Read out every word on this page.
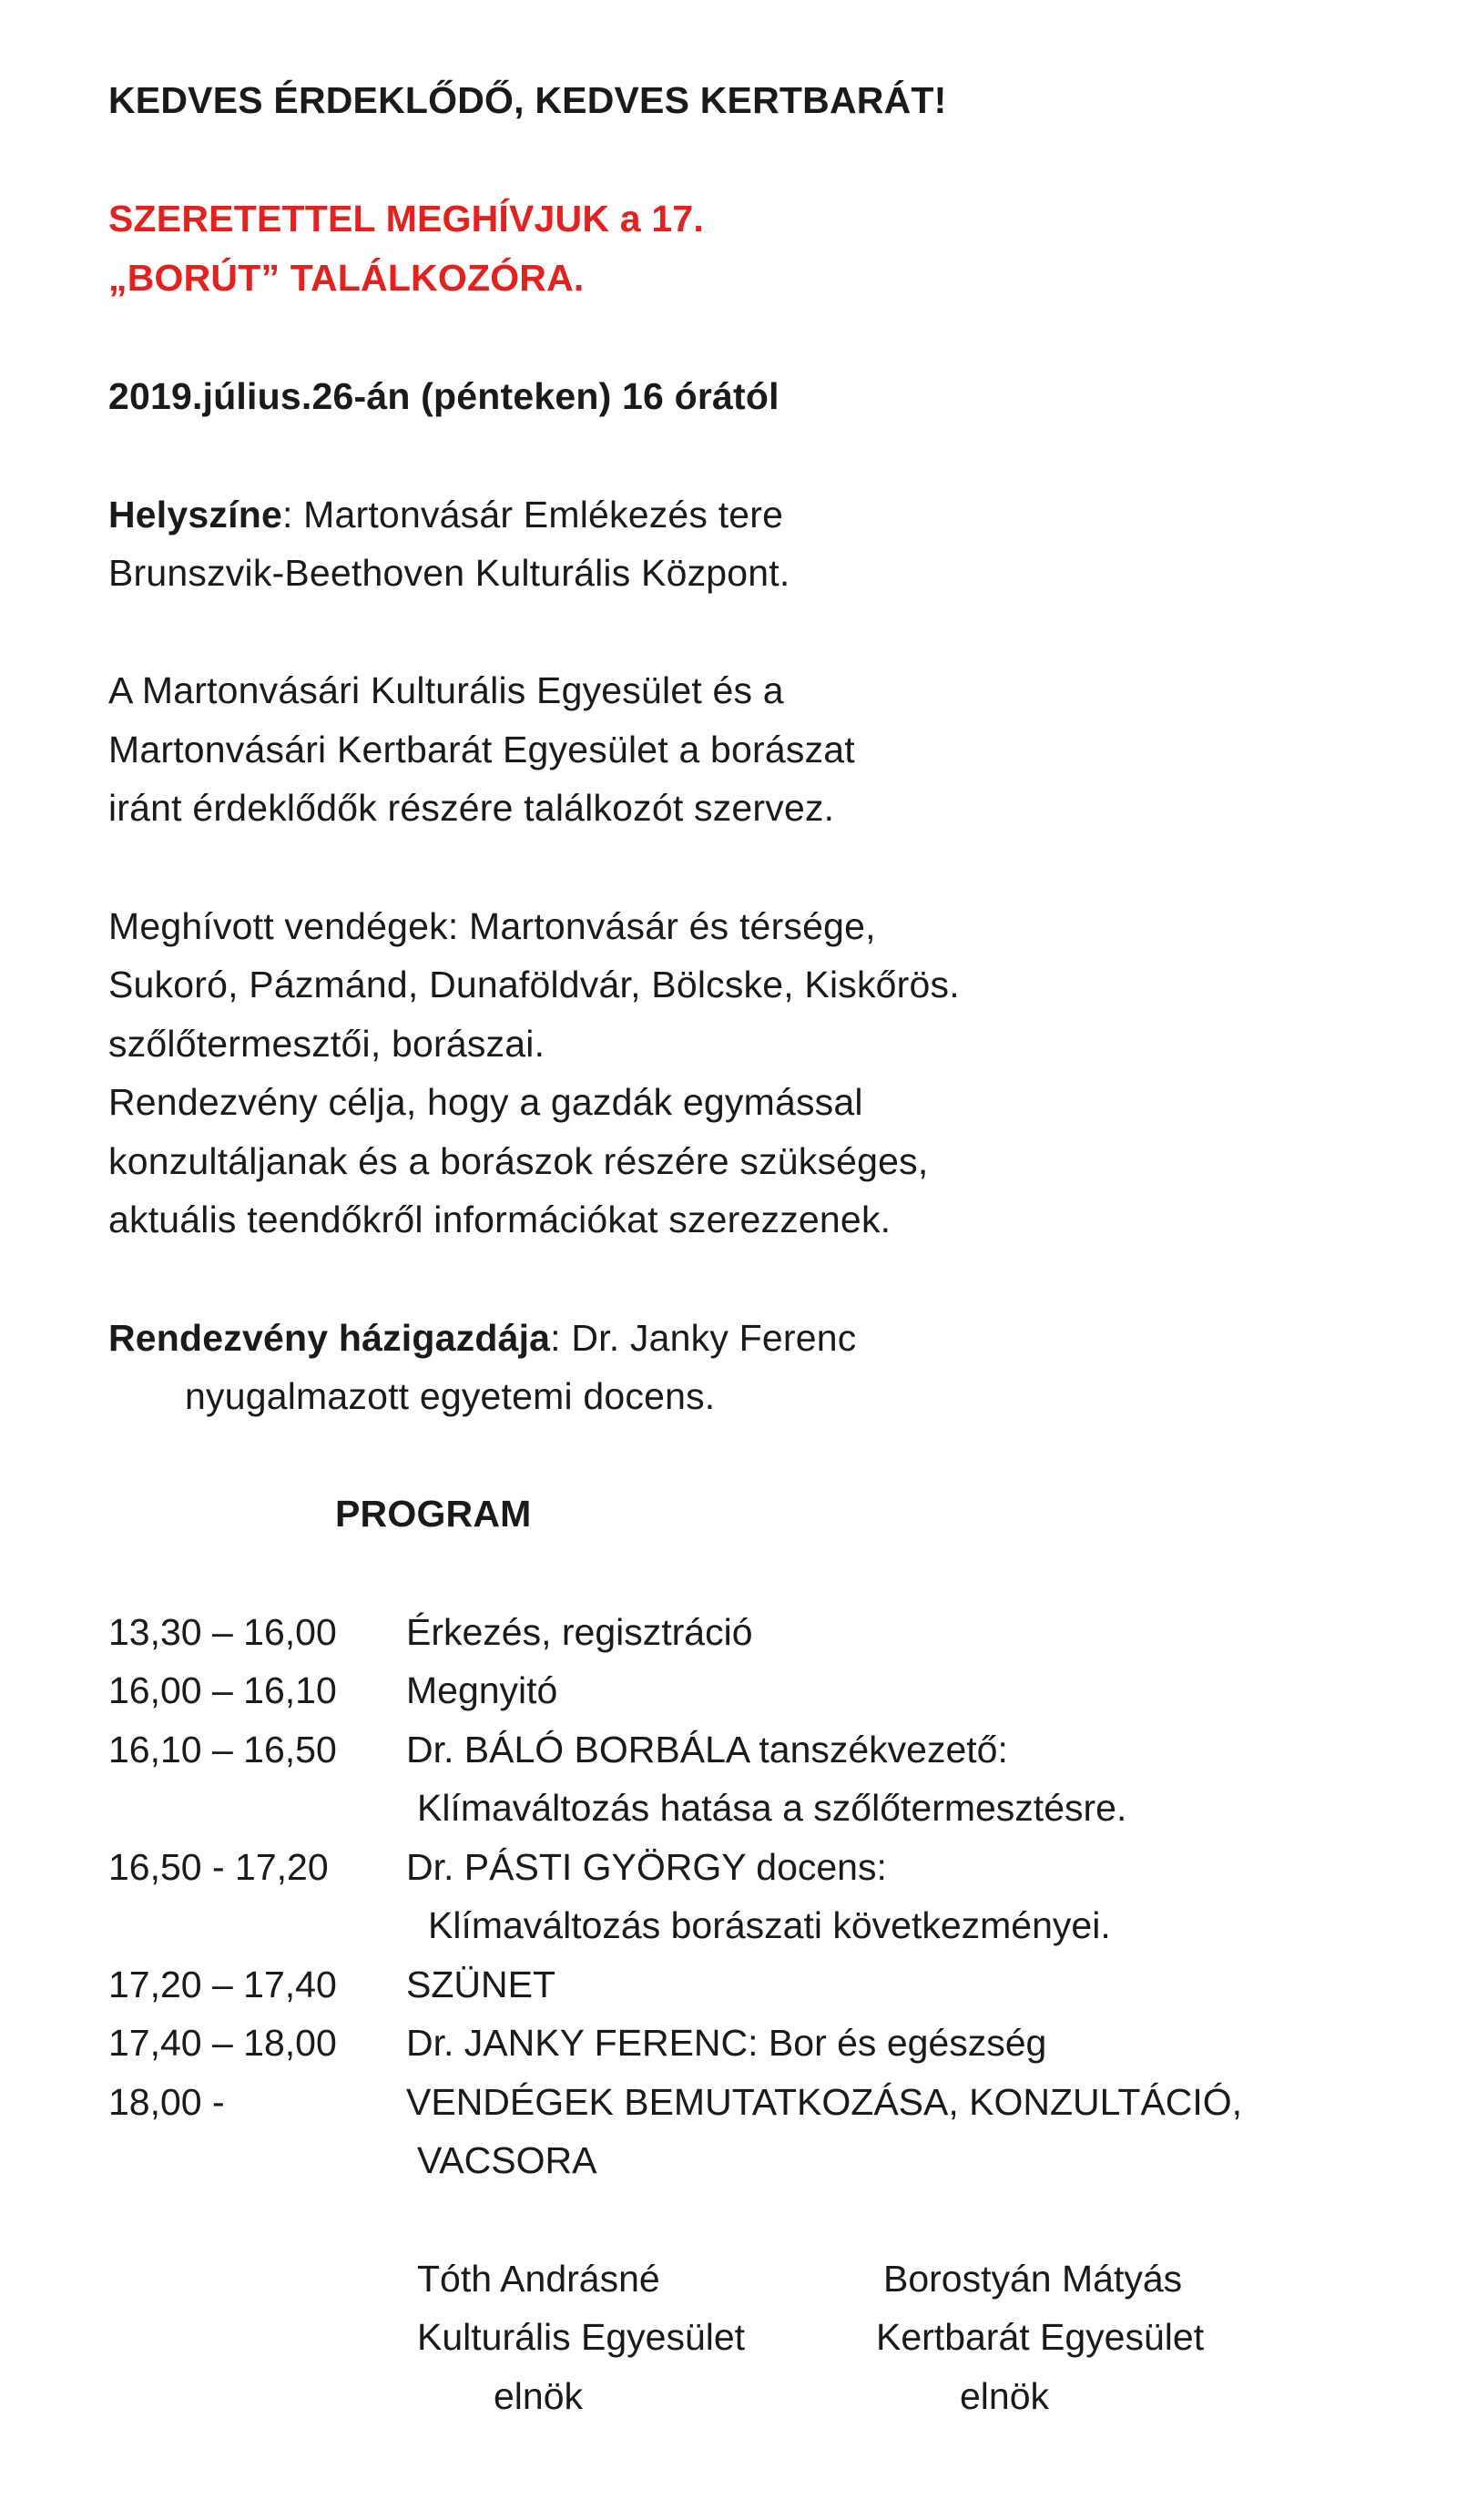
KEDVES ÉRDEKLŐDŐ, KEDVES KERTBARÁT!
SZERETETTEL MEGHÍVJUK a 17.
„BORÚT” TALÁLKOZÓRA.
2019.július.26-án (pénteken) 16 órától
Helyszíne: Martonvásár Emlékezés tere
Brunszvik-Beethoven Kulturális Központ.
A Martonvásári Kulturális Egyesület és a
Martonvásári Kertbarát Egyesület a borászat
iránt érdeklődők részére találkozót szervez.
Meghívott vendégek: Martonvásár és térsége,
Sukoró, Pázmánd, Dunaföldvár, Bölcske, Kiskőrös.
szőlőtermesztői, borászai.
Rendezvény célja, hogy a gazdák egymással
konzultáljanak és a borászok részére szükséges,
aktuális teendőkről információkat szerezzenek.
Rendezvény házigazdája: Dr. Janky Ferenc
nyugalmazott egyetemi docens.
PROGRAM
13,30 – 16,00 Érkezés, regisztráció
16,00 – 16,10 Megnyitó
16,10 – 16,50 Dr. BÁLÓ BORBÁLA tanszékvezető:
Klímaváltozás hatása a szőlőtermesztésre.
16,50 - 17,20 Dr. PÁSTI GYÖRGY docens:
Klímaváltozás borászati következményei.
17,20 – 17,40 SZÜNET
17,40 – 18,00 Dr. JANKY FERENC: Bor és egészség
18,00 -	VENDÉGEK BEMUTATKOZÁSA, KONZULTÁCIÓ,
VACSORA
Tóth Andrásné
Kulturális Egyesület
elnök
Borostyán Mátyás
Kertbarát Egyesület
elnök
